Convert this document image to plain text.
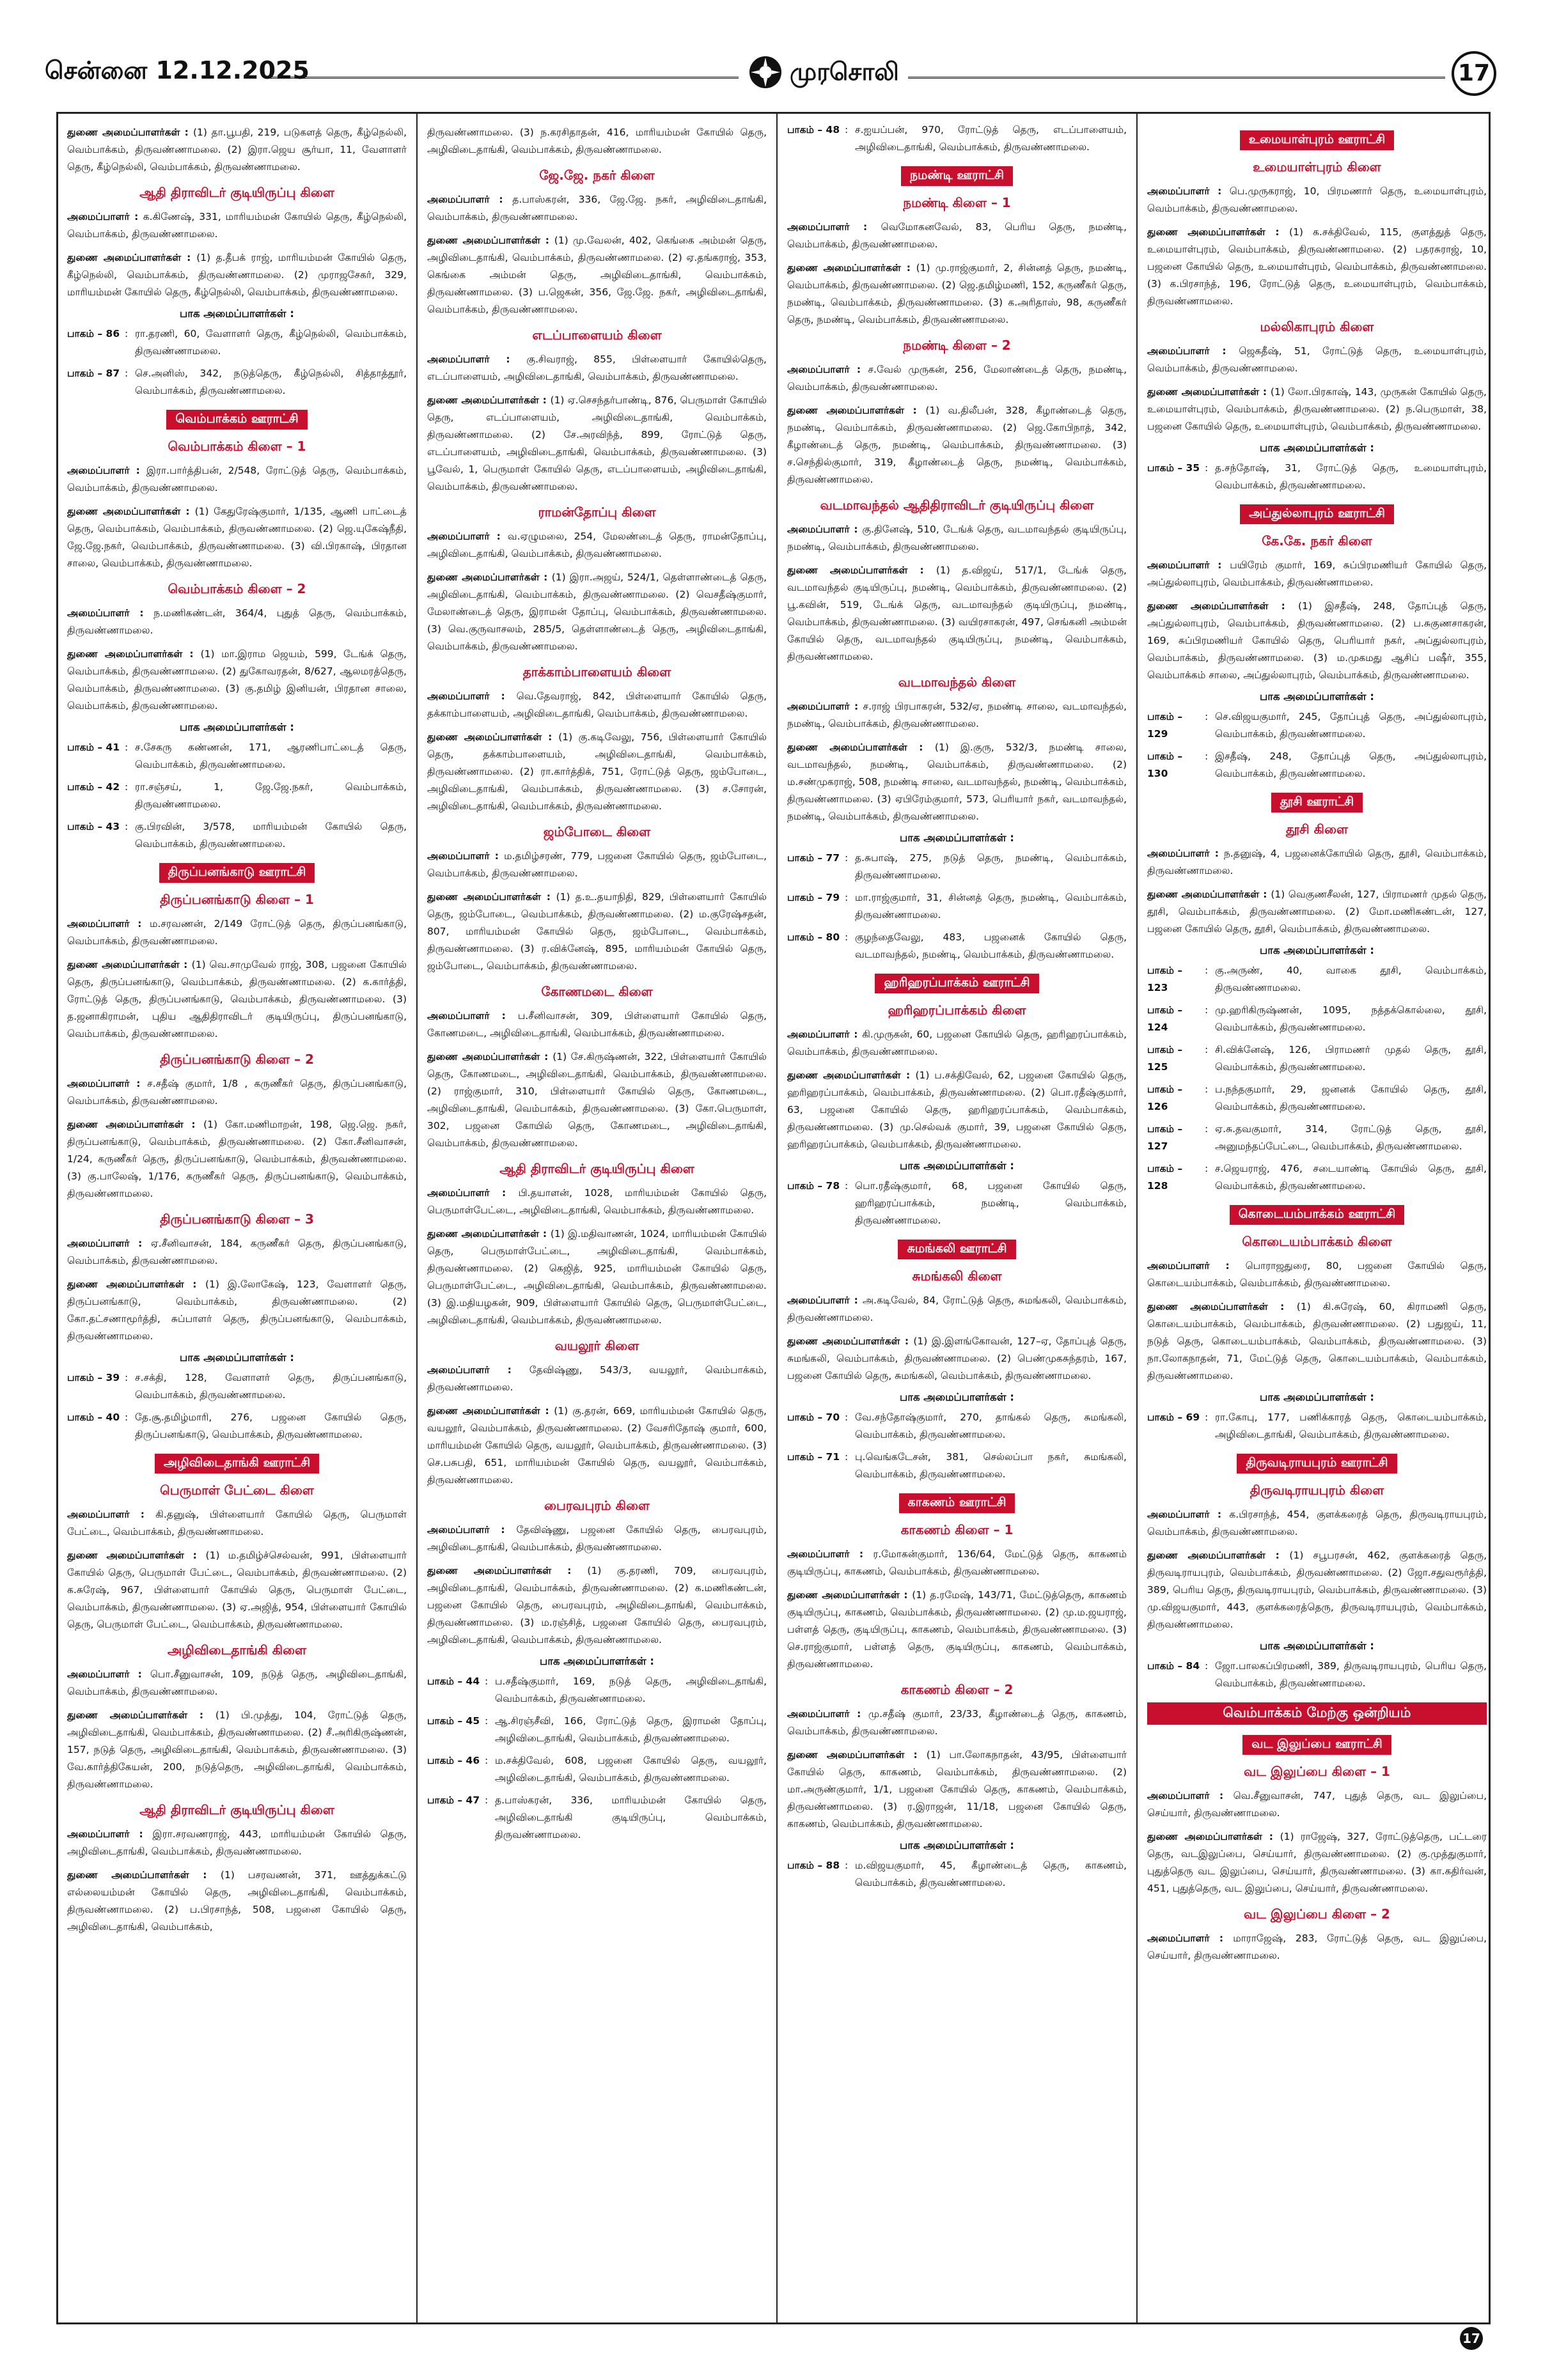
சென்னை 12.12.2025	முரசொலி	17
துணை அமைப்பாளர்கள் : (1) தா.பூபதி, 219, படுகளத் தெரு, கீழ்நெல்லி, வெம்பாக்கம், திருவண்ணாமலை. (2) இரா.ஜெய சூர்யா, 11, வேளாளர் தெரு, கீழ்நெல்லி, வெம்பாக்கம், திருவண்ணாமலை.
ஆதி திராவிடர் குடியிருப்பு கிளை
அமைப்பாளர் : க.கிணேஷ், 331, மாரியம்மன் கோயில் தெரு, கீழ்நெல்லி, வெம்பாக்கம், திருவண்ணாமலை.
துணை அமைப்பாளர்கள் : (1) த.தீபக் ராஜ், மாரியம்மன் கோயில் தெரு, கீழ்நெல்லி, வெம்பாக்கம், திருவண்ணாமலை. (2) முராஜசேகர், 329, மாரியம்மன் கோயில் தெரு, கீழ்நெல்லி, வெம்பாக்கம், திருவண்ணாமலை.
பாக அமைப்பாளர்கள் :
பாகம் – 86 : ரா.தரணி, 60, வேளாளர் தெரு, கீழ்நெல்லி, வெம்பாக்கம், திருவண்ணாமலை.
பாகம் – 87 : செ.அனிஸ், 342, நடுத்தெரு, கீழ்நெல்லி, சித்தாத்தூர், வெம்பாக்கம், திருவண்ணாமலை.
வெம்பாக்கம் ஊராட்சி
வெம்பாக்கம் கிளை – 1
அமைப்பாளர் : இரா.பார்த்திபன், 2/548, ரோட்டுத் தெரு, வெம்பாக்கம், வெம்பாக்கம், திருவண்ணாமலை.
துணை அமைப்பாளர்கள் : (1) கேதுரேஷ்குமார், 1/135, ஆணி பாட்டைத் தெரு, வெம்பாக்கம், வெம்பாக்கம், திருவண்ணாமலை. (2) ஜெ.யுகேஷ்நீதி, ஜே.ஜே.நகர், வெம்பாக்கம், திருவண்ணாமலை. (3) வி.பிரகாஷ், பிரதான சாலை, வெம்பாக்கம், திருவண்ணாமலை.
வெம்பாக்கம் கிளை – 2
அமைப்பாளர் : ந.மணிகண்டன், 364/4, புதுத் தெரு, வெம்பாக்கம், திருவண்ணாமலை.
துணை அமைப்பாளர்கள் : (1) மா.இராம ஜெயம், 599, டேங்க் தெரு, வெம்பாக்கம், திருவண்ணாமலை. (2) துகோவரதன், 8/627, ஆலமரத்தெரு, வெம்பாக்கம், திருவண்ணாமலை. (3) கு.தமிழ் இனியன், பிரதான சாலை, வெம்பாக்கம், திருவண்ணாமலை.
பாக அமைப்பாளர்கள் :
பாகம் – 41 : ச.சேகரு கண்ணன், 171, ஆரணிபாட்டைத் தெரு, வெம்பாக்கம், திருவண்ணாமலை.
பாகம் – 42 : ரா.சஞ்சய், 1, ஜே.ஜே.நகர், வெம்பாக்கம், திருவண்ணாமலை.
பாகம் – 43 : கு.பிரவின், 3/578, மாரியம்மன் கோயில் தெரு, வெம்பாக்கம், திருவண்ணாமலை.
திருப்பனங்காடு ஊராட்சி
திருப்பனங்காடு கிளை – 1
அமைப்பாளர் : ம.சரவணன், 2/149 ரோட்டுத் தெரு, திருப்பனங்காடு, வெம்பாக்கம், திருவண்ணாமலை.
துணை அமைப்பாளர்கள் : (1) வெ.சாமுவேல் ராஜ், 308, பஜனை கோயில் தெரு, திருப்பனங்காடு, வெம்பாக்கம், திருவண்ணாமலை. (2) க.கார்த்தி, ரோட்டுத் தெரு, திருப்பனங்காடு, வெம்பாக்கம், திருவண்ணாமலை. (3) த.ஜனாகிராமன், புதிய ஆதிதிராவிடர் குடியிருப்பு, திருப்பனங்காடு, வெம்பாக்கம், திருவண்ணாமலை.
திருப்பனங்காடு கிளை – 2
அமைப்பாளர் : ச.சதீஷ் குமார், 1/8 , கருணீகர் தெரு, திருப்பனங்காடு, வெம்பாக்கம், திருவண்ணாமலை.
துணை அமைப்பாளர்கள் : (1) கோ.மணிமாறன், 198, ஜெ.ஜெ. நகர், திருப்பனங்காடு, வெம்பாக்கம், திருவண்ணாமலை. (2) கோ.சீனிவாசன், 1/24, கருணீகர் தெரு, திருப்பனங்காடு, வெம்பாக்கம், திருவண்ணாமலை. (3) கு.பாலேஷ், 1/176, கருணீகர் தெரு, திருப்பனங்காடு, வெம்பாக்கம், திருவண்ணாமலை.
திருப்பனங்காடு கிளை – 3
அமைப்பாளர் : ஏ.சீனிவாசன், 184, கருணீகர் தெரு, திருப்பனங்காடு, வெம்பாக்கம், திருவண்ணாமலை.
துணை அமைப்பாளர்கள் : (1) இ.லோகேஷ், 123, வேளாளர் தெரு, திருப்பனங்காடு, வெம்பாக்கம், திருவண்ணாமலை. (2) கோ.தட்சணாமூர்த்தி, சுப்பாளர் தெரு, திருப்பனங்காடு, வெம்பாக்கம், திருவண்ணாமலை.
பாக அமைப்பாளர்கள் :
பாகம் – 39 : ச.சக்தி, 128, வேளாளர் தெரு, திருப்பனங்காடு, வெம்பாக்கம், திருவண்ணாமலை.
பாகம் – 40 : தே.சூ.தமிழ்மாரி, 276, பஜனை கோயில் தெரு, திருப்பனங்காடு, வெம்பாக்கம், திருவண்ணாமலை.
அழிவிடைதாங்கி ஊராட்சி
பெருமாள் பேட்டை கிளை
அமைப்பாளர் : கி.தனுஷ், பிள்ளையார் கோயில் தெரு, பெருமாள் பேட்டை, வெம்பாக்கம், திருவண்ணாமலை.
துணை அமைப்பாளர்கள் : (1) ம.தமிழ்ச்செல்வன், 991, பிள்ளையார் கோயில் தெரு, பெருமாள் பேட்டை, வெம்பாக்கம், திருவண்ணாமலை. (2) க.சுரேஷ், 967, பிள்ளையார் கோயில் தெரு, பெருமாள் பேட்டை, வெம்பாக்கம், திருவண்ணாமலை. (3) ஏ.அஜித், 954, பிள்ளையார் கோயில் தெரு, பெருமாள் பேட்டை, வெம்பாக்கம், திருவண்ணாமலை.
அழிவிடைதாங்கி கிளை
அமைப்பாளர் : பொ.சீனுவாசன், 109, நடுத் தெரு, அழிவிடைதாங்கி, வெம்பாக்கம், திருவண்ணாமலை.
துணை அமைப்பாளர்கள் : (1) பி.முத்து, 104, ரோட்டுத் தெரு, அழிவிடைதாங்கி, வெம்பாக்கம், திருவண்ணாமலை. (2) சீ.அரிகிருஷ்ணன், 157, நடுத் தெரு, அழிவிடைதாங்கி, வெம்பாக்கம், திருவண்ணாமலை. (3) வே.கார்த்திகேயன், 200, நடுத்தெரு, அழிவிடைதாங்கி, வெம்பாக்கம், திருவண்ணாமலை.
ஆதி திராவிடர் குடியிருப்பு கிளை
அமைப்பாளர் : இரா.சரவணராஜ், 443, மாரியம்மன் கோயில் தெரு, அழிவிடைதாங்கி, வெம்பாக்கம், திருவண்ணாமலை.
துணை அமைப்பாளர்கள் : (1) பசரவணன், 371, ஊத்துக்கட்டு எல்லையம்மன் கோயில் தெரு, அழிவிடைதாங்கி, வெம்பாக்கம், திருவண்ணாமலை. (2) ப.பிரசாந்த், 508, பஜனை கோயில் தெரு, அழிவிடைதாங்கி, வெம்பாக்கம்,
திருவண்ணாமலை. (3) ந.கரசிதாதன், 416, மாரியம்மன் கோயில் தெரு, அழிவிடைதாங்கி, வெம்பாக்கம், திருவண்ணாமலை.
ஜே.ஜே. நகர் கிளை
அமைப்பாளர் : த.பாஸ்கரன், 336, ஜே.ஜே. நகர், அழிவிடைதாங்கி, வெம்பாக்கம், திருவண்ணாமலை.
துணை அமைப்பாளர்கள் : (1) மு.வேலன், 402, கெங்கை அம்மன் தெரு, அழிவிடைதாங்கி, வெம்பாக்கம், திருவண்ணாமலை. (2) ஏ.தங்கராஜ், 353, கெங்கை அம்மன் தெரு, அழிவிடைதாங்கி, வெம்பாக்கம், திருவண்ணாமலை. (3) ப.ஜெகன், 356, ஜே.ஜே. நகர், அழிவிடைதாங்கி, வெம்பாக்கம், திருவண்ணாமலை.
எடப்பாளையம் கிளை
அமைப்பாளர் : கு.சிவராஜ், 855, பிள்ளையார் கோயில்தெரு, எடப்பாளையம், அழிவிடைதாங்கி, வெம்பாக்கம், திருவண்ணாமலை.
துணை அமைப்பாளர்கள் : (1) ஏ.செசந்தர்பாண்டி, 876, பெருமாள் கோயில் தெரு, எடப்பாளையம், அழிவிடைதாங்கி, வெம்பாக்கம், திருவண்ணாமலை. (2) சே.அரவிந்த், 899, ரோட்டுத் தெரு, எடப்பாளையம், அழிவிடைதாங்கி, வெம்பாக்கம், திருவண்ணாமலை. (3) பூவேல், 1, பெருமாள் கோயில் தெரு, எடப்பாளையம், அழிவிடைதாங்கி, வெம்பாக்கம், திருவண்ணாமலை.
ராமன்தோப்பு கிளை
அமைப்பாளர் : வ.ஏழுமலை, 254, மேலண்டைத் தெரு, ராமன்தோப்பு, அழிவிடைதாங்கி, வெம்பாக்கம், திருவண்ணாமலை.
துணை அமைப்பாளர்கள் : (1) இரா.அஜய், 524/1, தெள்ளாண்டைத் தெரு, அழிவிடைதாங்கி, வெம்பாக்கம், திருவண்ணாமலை. (2) வெசதீஷ்குமார், மேலாண்டைத் தெரு, இராமன் தோப்பு, வெம்பாக்கம், திருவண்ணாமலை. (3) வெ.குருவாசலம், 285/5, தெள்ளாண்டைத் தெரு, அழிவிடைதாங்கி, வெம்பாக்கம், திருவண்ணாமலை.
தாக்காம்பாளையம் கிளை
அமைப்பாளர் : வெ.தேவராஜ், 842, பிள்ளையார் கோயில் தெரு, தக்காம்பாளையம், அழிவிடைதாங்கி, வெம்பாக்கம், திருவண்ணாமலை.
துணை அமைப்பாளர்கள் : (1) கு.கடிவேலு, 756, பிள்ளையார் கோயில் தெரு, தக்காம்பாளையம், அழிவிடைதாங்கி, வெம்பாக்கம், திருவண்ணாமலை. (2) ரா.கார்த்திக், 751, ரோட்டுத் தெரு, ஜம்போடை, அழிவிடைதாங்கி, வெம்பாக்கம், திருவண்ணாமலை. (3) ச.சோரன், அழிவிடைதாங்கி, வெம்பாக்கம், திருவண்ணாமலை.
ஜம்போடை கிளை
அமைப்பாளர் : ம.தமிழ்சரண், 779, பஜனை கோயில் தெரு, ஜம்போடை, வெம்பாக்கம், திருவண்ணாமலை.
துணை அமைப்பாளர்கள் : (1) த.உ.தயாநிதி, 829, பிள்ளையார் கோயில் தெரு, ஜம்போடை, வெம்பாக்கம், திருவண்ணாமலை. (2) ம.குரேஷ்சதன், 807, மாரியம்மன் கோயில் தெரு, ஜம்போடை, வெம்பாக்கம், திருவண்ணாமலை. (3) ர.விக்னேஷ், 895, மாரியம்மன் கோயில் தெரு, ஜம்போடை, வெம்பாக்கம், திருவண்ணாமலை.
கோணமடை கிளை
அமைப்பாளர் : ப.சீனிவாசன், 309, பிள்ளையார் கோயில் தெரு, கோணமடை, அழிவிடைதாங்கி, வெம்பாக்கம், திருவண்ணாமலை.
துணை அமைப்பாளர்கள் : (1) சே.கிருஷ்ணன், 322, பிள்ளையார் கோயில் தெரு, கோணமடை, அழிவிடைதாங்கி, வெம்பாக்கம், திருவண்ணாமலை. (2) ராஜ்குமார், 310, பிள்ளையார் கோயில் தெரு, கோணமடை, அழிவிடைதாங்கி, வெம்பாக்கம், திருவண்ணாமலை. (3) கோ.பெருமாள், 302, பஜனை கோயில் தெரு, கோணமடை, அழிவிடைதாங்கி, வெம்பாக்கம், திருவண்ணாமலை.
ஆதி திராவிடர் குடியிருப்பு கிளை
அமைப்பாளர் : பி.தயாளன், 1028, மாரியம்மன் கோயில் தெரு, பெருமாள்பேட்டை, அழிவிடைதாங்கி, வெம்பாக்கம், திருவண்ணாமலை.
துணை அமைப்பாளர்கள் : (1) இ.மதிவாணன், 1024, மாரியம்மன் கோயில் தெரு, பெருமாள்பேட்டை, அழிவிடைதாங்கி, வெம்பாக்கம், திருவண்ணாமலை. (2) கெஜித், 925, மாரியம்மன் கோயில் தெரு, பெருமாள்பேட்டை, அழிவிடைதாங்கி, வெம்பாக்கம், திருவண்ணாமலை. (3) இ.மதியழகன், 909, பிள்ளையார் கோயில் தெரு, பெருமாள்பேட்டை, அழிவிடைதாங்கி, வெம்பாக்கம், திருவண்ணாமலை.
வயலூர் கிளை
அமைப்பாளர் : தேவிஷ்ணு, 543/3, வயலூர், வெம்பாக்கம், திருவண்ணாமலை.
துணை அமைப்பாளர்கள் : (1) கு.தரன், 669, மாரியம்மன் கோயில் தெரு, வயலூர், வெம்பாக்கம், திருவண்ணாமலை. (2) வேசரிதோஷ் குமார், 600, மாரியம்மன் கோயில் தெரு, வயலூர், வெம்பாக்கம், திருவண்ணாமலை. (3) செ.பசுபதி, 651, மாரியம்மன் கோயில் தெரு, வயலூர், வெம்பாக்கம், திருவண்ணாமலை.
பைரவபுரம் கிளை
அமைப்பாளர் : தேவிஷ்ணு, பஜனை கோயில் தெரு, பைரவபுரம், அழிவிடைதாங்கி, வெம்பாக்கம், திருவண்ணாமலை.
துணை அமைப்பாளர்கள் : (1) கு.தரணி, 709, பைரவபுரம், அழிவிடைதாங்கி, வெம்பாக்கம், திருவண்ணாமலை. (2) க.மணிகண்டன், பஜனை கோயில் தெரு, பைரவபுரம், அழிவிடைதாங்கி, வெம்பாக்கம், திருவண்ணாமலை. (3) ம.ரஞ்சித், பஜனை கோயில் தெரு, பைரவபுரம், அழிவிடைதாங்கி, வெம்பாக்கம், திருவண்ணாமலை.
பாக அமைப்பாளர்கள் :
பாகம் – 44 : ப.சதீஷ்குமார், 169, நடுத் தெரு, அழிவிடைதாங்கி, வெம்பாக்கம், திருவண்ணாமலை.
பாகம் – 45 : ஆ.சிரஞ்சீவி, 166, ரோட்டுத் தெரு, இராமன் தோப்பு, அழிவிடைதாங்கி, வெம்பாக்கம், திருவண்ணாமலை.
பாகம் – 46 : ம.சக்திவேல், 608, பஜனை கோயில் தெரு, வயலூர், அழிவிடைதாங்கி, வெம்பாக்கம், திருவண்ணாமலை.
பாகம் – 47 : த.பாஸ்கரன், 336, மாரியம்மன் கோயில் தெரு, அழிவிடைதாங்கி குடியிருப்பு, வெம்பாக்கம், திருவண்ணாமலை.
பாகம் – 48 : ச.ஐயப்பன், 970, ரோட்டுத் தெரு, எடப்பாளையம், அழிவிடைதாங்கி, வெம்பாக்கம், திருவண்ணாமலை.
நமண்டி ஊராட்சி
நமண்டி கிளை – 1
அமைப்பாளர் : வெமோகனவேல், 83, பெரிய தெரு, நமண்டி, வெம்பாக்கம், திருவண்ணாமலை.
துணை அமைப்பாளர்கள் : (1) மு.ராஜ்குமார், 2, சின்னத் தெரு, நமண்டி, வெம்பாக்கம், திருவண்ணாமலை. (2) ஜெ.தமிழ்மணி, 152, கருணீகர் தெரு, நமண்டி, வெம்பாக்கம், திருவண்ணாமலை. (3) க.அரிதாஸ், 98, கருணீகர் தெரு, நமண்டி, வெம்பாக்கம், திருவண்ணாமலை.
நமண்டி கிளை – 2
அமைப்பாளர் : ச.வேல் முருகன், 256, மேலாண்டைத் தெரு, நமண்டி, வெம்பாக்கம், திருவண்ணாமலை.
துணை அமைப்பாளர்கள் : (1) வ.திலீபன், 328, கீழாண்டைத் தெரு, நமண்டி, வெம்பாக்கம், திருவண்ணாமலை. (2) ஜெ.கோபிநாத், 342, கீழாண்டைத் தெரு, நமண்டி, வெம்பாக்கம், திருவண்ணாமலை. (3) ச.செந்தில்குமார், 319, கீழாண்டைத் தெரு, நமண்டி, வெம்பாக்கம், திருவண்ணாமலை.
வடமாவந்தல் ஆதிதிராவிடர் குடியிருப்பு கிளை
அமைப்பாளர் : கு.தினேஷ், 510, டேங்க் தெரு, வடமாவந்தல் குடியிருப்பு, நமண்டி, வெம்பாக்கம், திருவண்ணாமலை.
துணை அமைப்பாளர்கள் : (1) த.விஜய், 517/1, டேங்க் தெரு, வடமாவந்தல் குடியிருப்பு, நமண்டி, வெம்பாக்கம், திருவண்ணாமலை. (2) பூ.கவின், 519, டேங்க் தெரு, வடமாவந்தல் குடியிருப்பு, நமண்டி, வெம்பாக்கம், திருவண்ணாமலை. (3) வயிரசாகரன், 497, செங்கனி அம்மன் கோயில் தெரு, வடமாவந்தல் குடியிருப்பு, நமண்டி, வெம்பாக்கம், திருவண்ணாமலை.
வடமாவந்தல் கிளை
அமைப்பாளர் : ச.ராஜ் பிரபாகரன், 532/ஏ, நமண்டி சாலை, வடமாவந்தல், நமண்டி, வெம்பாக்கம், திருவண்ணாமலை.
துணை அமைப்பாளர்கள் : (1) இ.குரு, 532/3, நமண்டி சாலை, வடமாவந்தல், நமண்டி, வெம்பாக்கம், திருவண்ணாமலை. (2) ம.சண்முகராஜ், 508, நமண்டி சாலை, வடமாவந்தல், நமண்டி, வெம்பாக்கம், திருவண்ணாமலை. (3) ஏபிரேம்குமார், 573, பெரியார் நகர், வடமாவந்தல், நமண்டி, வெம்பாக்கம், திருவண்ணாமலை.
பாக அமைப்பாளர்கள் :
பாகம் – 77 : த.சுபாஷ், 275, நடுத் தெரு, நமண்டி, வெம்பாக்கம், திருவண்ணாமலை.
பாகம் – 79 : மா.ராஜ்குமார், 31, சின்னத் தெரு, நமண்டி, வெம்பாக்கம், திருவண்ணாமலை.
பாகம் – 80 : குழந்தைவேலு, 483, பஜனைக் கோயில் தெரு, வடமாவந்தல், நமண்டி, வெம்பாக்கம், திருவண்ணாமலை.
ஹரிஹரப்பாக்கம் ஊராட்சி
ஹரிஹரப்பாக்கம் கிளை
அமைப்பாளர் : கி.முருகன், 60, பஜனை கோயில் தெரு, ஹரிஹரப்பாக்கம், வெம்பாக்கம், திருவண்ணாமலை.
துணை அமைப்பாளர்கள் : (1) ப.சக்திவேல், 62, பஜனை கோயில் தெரு, ஹரிஹரப்பாக்கம், வெம்பாக்கம், திருவண்ணாமலை. (2) பொ.ரதீஷ்குமார், 63, பஜனை கோயில் தெரு, ஹரிஹரப்பாக்கம், வெம்பாக்கம், திருவண்ணாமலை. (3) மு.செல்வக் குமார், 39, பஜனை கோயில் தெரு, ஹரிஹரப்பாக்கம், வெம்பாக்கம், திருவண்ணாமலை.
பாக அமைப்பாளர்கள் :
பாகம் – 78 : பொ.ரதீஷ்குமார், 68, பஜனை கோயில் தெரு, ஹரிஹரப்பாக்கம், நமண்டி, வெம்பாக்கம், திருவண்ணாமலை.
சுமங்கலி ஊராட்சி
சுமங்கலி கிளை
அமைப்பாளர் : அ.கடிவேல், 84, ரோட்டுத் தெரு, சுமங்கலி, வெம்பாக்கம், திருவண்ணாமலை.
துணை அமைப்பாளர்கள் : (1) இ.இளங்கோவன், 127–ஏ, தோப்புத் தெரு, சுமங்கலி, வெம்பாக்கம், திருவண்ணாமலை. (2) பெண்முகசுந்தரம், 167, பஜனை கோயில் தெரு, சுமங்கலி, வெம்பாக்கம், திருவண்ணாமலை.
பாக அமைப்பாளர்கள் :
பாகம் – 70 : வே.சந்தோஷ்குமார், 270, தாங்கல் தெரு, சுமங்கலி, வெம்பாக்கம், திருவண்ணாமலை.
பாகம் – 71 : பு.வெங்கடேசன், 381, செல்லப்பா நகர், சுமங்கலி, வெம்பாக்கம், திருவண்ணாமலை.
காகணம் ஊராட்சி
காகணம் கிளை – 1
அமைப்பாளர் : ர.மோகன்குமார், 136/64, மேட்டுத் தெரு, காகணம் குடியிருப்பு, காகணம், வெம்பாக்கம், திருவண்ணாமலை.
துணை அமைப்பாளர்கள் : (1) த.ரமேஷ், 143/71, மேட்டுத்தெரு, காகணம் குடியிருப்பு, காகணம், வெம்பாக்கம், திருவண்ணாமலை. (2) மு.ம.ஜயராஜ், பள்ளத் தெரு, குடியிருப்பு, காகணம், வெம்பாக்கம், திருவண்ணாமலை. (3) செ.ராஜ்குமார், பள்ளத் தெரு, குடியிருப்பு, காகணம், வெம்பாக்கம், திருவண்ணாமலை.
காகணம் கிளை – 2
அமைப்பாளர் : மு.சதீஷ் குமார், 23/33, கீழாண்டைத் தெரு, காகணம், வெம்பாக்கம், திருவண்ணாமலை.
துணை அமைப்பாளர்கள் : (1) பா.லோகநாதன், 43/95, பிள்ளையார் கோயில் தெரு, காகணம், வெம்பாக்கம், திருவண்ணாமலை. (2) மா.அருண்குமார், 1/1, பஜனை கோயில் தெரு, காகணம், வெம்பாக்கம், திருவண்ணாமலை. (3) ர.இராஜன், 11/18, பஜனை கோயில் தெரு, காகணம், வெம்பாக்கம், திருவண்ணாமலை.
பாக அமைப்பாளர்கள் :
பாகம் – 88 : ம.விஜயகுமார், 45, கீழாண்டைத் தெரு, காகணம், வெம்பாக்கம், திருவண்ணாமலை.
உமையாள்புரம் ஊராட்சி
உமையாள்புரம் கிளை
அமைப்பாளர் : பெ.முருகராஜ், 10, பிரமணார் தெரு, உமையாள்புரம், வெம்பாக்கம், திருவண்ணாமலை.
துணை அமைப்பாளர்கள் : (1) க.சக்திவேல், 115, குளத்துத் தெரு, உமையாள்புரம், வெம்பாக்கம், திருவண்ணாமலை. (2) பதரசுராஜ், 10, பஜனை கோயில் தெரு, உமையாள்புரம், வெம்பாக்கம், திருவண்ணாமலை. (3) க.பிரசாந்த், 196, ரோட்டுத் தெரு, உமையாள்புரம், வெம்பாக்கம், திருவண்ணாமலை.
மல்லிகாபுரம் கிளை
அமைப்பாளர் : ஜெகதீஷ், 51, ரோட்டுத் தெரு, உமையாள்புரம், வெம்பாக்கம், திருவண்ணாமலை.
துணை அமைப்பாளர்கள் : (1) லோ.பிரகாஷ், 143, முருகன் கோயில் தெரு, உமையாள்புரம், வெம்பாக்கம், திருவண்ணாமலை. (2) ந.பெருமாள், 38, பஜனை கோயில் தெரு, உமையாள்புரம், வெம்பாக்கம், திருவண்ணாமலை.
பாக அமைப்பாளர்கள் :
பாகம் – 35 : த.சந்தோஷ், 31, ரோட்டுத் தெரு, உமையாள்புரம், வெம்பாக்கம், திருவண்ணாமலை.
அப்துல்லாபுரம் ஊராட்சி
கே.கே. நகர் கிளை
அமைப்பாளர் : பயிரேம் குமார், 169, சுப்பிரமணியர் கோயில் தெரு, அப்துல்லாபுரம், வெம்பாக்கம், திருவண்ணாமலை.
துணை அமைப்பாளர்கள் : (1) இசதீஷ், 248, தோப்புத் தெரு, அப்துல்லாபுரம், வெம்பாக்கம், திருவண்ணாமலை. (2) ப.சுகுணசாகரன், 169, சுப்பிரமணியர் கோயில் தெரு, பெரியார் நகர், அப்துல்லாபுரம், வெம்பாக்கம், திருவண்ணாமலை. (3) ம.முகமது ஆசிப் பஷீர், 355, வெம்பாக்கம் சாலை, அப்துல்லாபுரம், வெம்பாக்கம், திருவண்ணாமலை.
பாக அமைப்பாளர்கள் :
பாகம் – 129
: செ.விஜயகுமார், 245, தோப்புத் தெரு, அப்துல்லாபுரம், வெம்பாக்கம், திருவண்ணாமலை.
பாகம் – 130
: இசதீஷ், 248, தோப்புத் தெரு, அப்துல்லாபுரம், வெம்பாக்கம், திருவண்ணாமலை.
தூசி ஊராட்சி
தூசி கிளை
அமைப்பாளர் : ந.தனுஷ், 4, பஜனைக்கோயில் தெரு, தூசி, வெம்பாக்கம், திருவண்ணாமலை.
துணை அமைப்பாளர்கள் : (1) வெகுணசீலன், 127, பிராமணர் முதல் தெரு, தூசி, வெம்பாக்கம், திருவண்ணாமலை. (2) மோ.மணிகண்டன், 127, பஜனை கோயில் தெரு, தூசி, வெம்பாக்கம், திருவண்ணாமலை.
பாக அமைப்பாளர்கள் :
பாகம் – 123
: கு.அருண், 40, வாகை தூசி, வெம்பாக்கம், திருவண்ணாமலை.
பாகம் – 124
: மு.ஹரிகிருஷ்ணன், 1095, நத்தக்கொல்லை, தூசி, வெம்பாக்கம், திருவண்ணாமலை.
பாகம் – 125
: சி.விக்னேஷ், 126, பிராமணர் முதல் தெரு, தூசி, வெம்பாக்கம், திருவண்ணாமலை.
பாகம் – 126
: ப.நந்தகுமார், 29, ஜனனக் கோயில் தெரு, தூசி, வெம்பாக்கம், திருவண்ணாமலை.
பாகம் – 127
: ஏ.சு.தவகுமார், 314, ரோட்டுத் தெரு, தூசி, அனுமந்தப்பேட்டை, வெம்பாக்கம், திருவண்ணாமலை.
பாகம் – 128
: ச.ஜெயராஜ், 476, சடையாண்டி கோயில் தெரு, தூசி, வெம்பாக்கம், திருவண்ணாமலை.
கொடையம்பாக்கம் ஊராட்சி
கொடையம்பாக்கம் கிளை
அமைப்பாளர் : பொராஜதுரை, 80, பஜனை கோயில் தெரு, கொடையம்பாக்கம், வெம்பாக்கம், திருவண்ணாமலை.
துணை அமைப்பாளர்கள் : (1) கி.சுரேஷ், 60, கிராமணி தெரு, கொடையம்பாக்கம், வெம்பாக்கம், திருவண்ணாமலை. (2) பதுஜய், 11, நடுத் தெரு, கொடையம்பாக்கம், வெம்பாக்கம், திருவண்ணாமலை. (3) நா.லோகநாதன், 71, மேட்டுத் தெரு, கொடையம்பாக்கம், வெம்பாக்கம், திருவண்ணாமலை.
பாக அமைப்பாளர்கள் :
பாகம் – 69 : ரா.கோபு, 177, பணிக்காரத் தெரு, கொடையம்பாக்கம், அழிவிடைதாங்கி, வெம்பாக்கம், திருவண்ணாமலை.
திருவடிராயபுரம் ஊராட்சி
திருவடிராயபுரம் கிளை
அமைப்பாளர் : க.பிரசாந்த், 454, குளக்கரைத் தெரு, திருவடிராயபுரம், வெம்பாக்கம், திருவண்ணாமலை.
துணை அமைப்பாளர்கள் : (1) சபூபரசன், 462, குளக்கரைத் தெரு, திருவடிராயபுரம், வெம்பாக்கம், திருவண்ணாமலை. (2) ஜோ.சதுவரூர்த்தி, 389, பெரிய தெரு, திருவடிராயபுரம், வெம்பாக்கம், திருவண்ணாமலை. (3) மு.விஜயகுமார், 443, குளக்கரைத்தெரு, திருவடிராயபுரம், வெம்பாக்கம், திருவண்ணாமலை.
பாக அமைப்பாளர்கள் :
பாகம் – 84 : ஜோ.பாலகப்பிரமணி, 389, திருவடிராயபுரம், பெரிய தெரு, வெம்பாக்கம், திருவண்ணாமலை.
வெம்பாக்கம் மேற்கு ஒன்றியம்
வட இலுப்பை ஊராட்சி
வட இலுப்பை கிளை – 1
அமைப்பாளர் : வெ.சீனுவாசன், 747, புதுத் தெரு, வட இலுப்பை, செய்யார், திருவண்ணாமலை.
துணை அமைப்பாளர்கள் : (1) ராஜேஷ், 327, ரோட்டுத்தெரு, பட்டரை தெரு, வடஇலுப்பை, செய்யார், திருவண்ணாமலை. (2) கு.முத்துகுமார், புதுத்தெரு வட இலுப்பை, செய்யார், திருவண்ணாமலை. (3) கா.கதிர்வன், 451, புதுத்தெரு, வட இலுப்பை, செய்யார், திருவண்ணாமலை.
வட இலுப்பை கிளை – 2
அமைப்பாளர் : மாராஜேஷ், 283, ரோட்டுத் தெரு, வட இலுப்பை, செய்யார், திருவண்ணாமலை.
17
